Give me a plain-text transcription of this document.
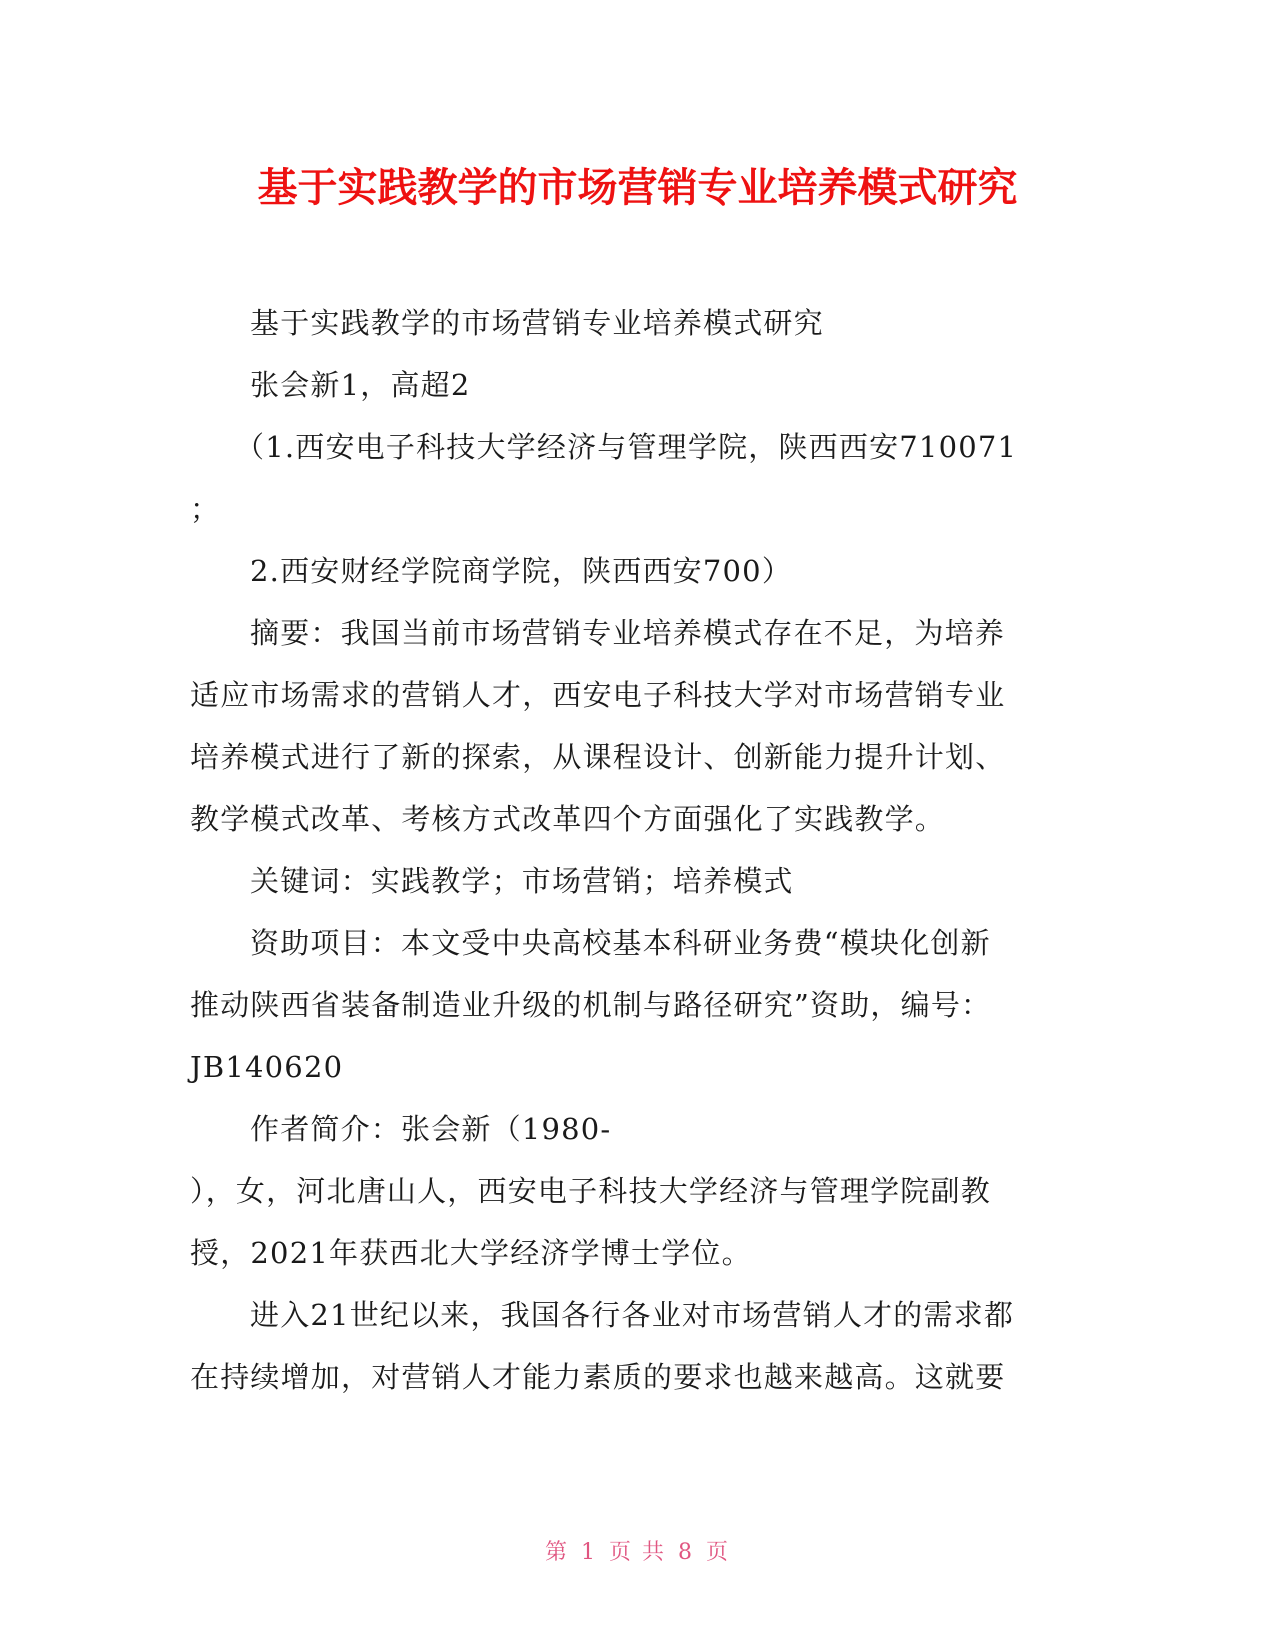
基于实践教学的市场营销专业培养模式研究
基于实践教学的市场营销专业培养模式研究
张会新1，高超2
（1.西安电子科技大学经济与管理学院，陕西西安710071
；
2.西安财经学院商学院，陕西西安700）
摘要：我国当前市场营销专业培养模式存在不足，为培养
适应市场需求的营销人才，西安电子科技大学对市场营销专业
培养模式进行了新的探索，从课程设计、创新能力提升计划、
教学模式改革、考核方式改革四个方面强化了实践教学。
关键词：实践教学；市场营销；培养模式
资助项目：本文受中央高校基本科研业务费“模块化创新
推动陕西省装备制造业升级的机制与路径研究”资助，编号：
JB140620
作者简介：张会新（1980-
），女，河北唐山人，西安电子科技大学经济与管理学院副教
授，2021年获西北大学经济学博士学位。
进入21世纪以来，我国各行各业对市场营销人才的需求都
在持续增加，对营销人才能力素质的要求也越来越高。这就要
第 1 页 共 8 页
